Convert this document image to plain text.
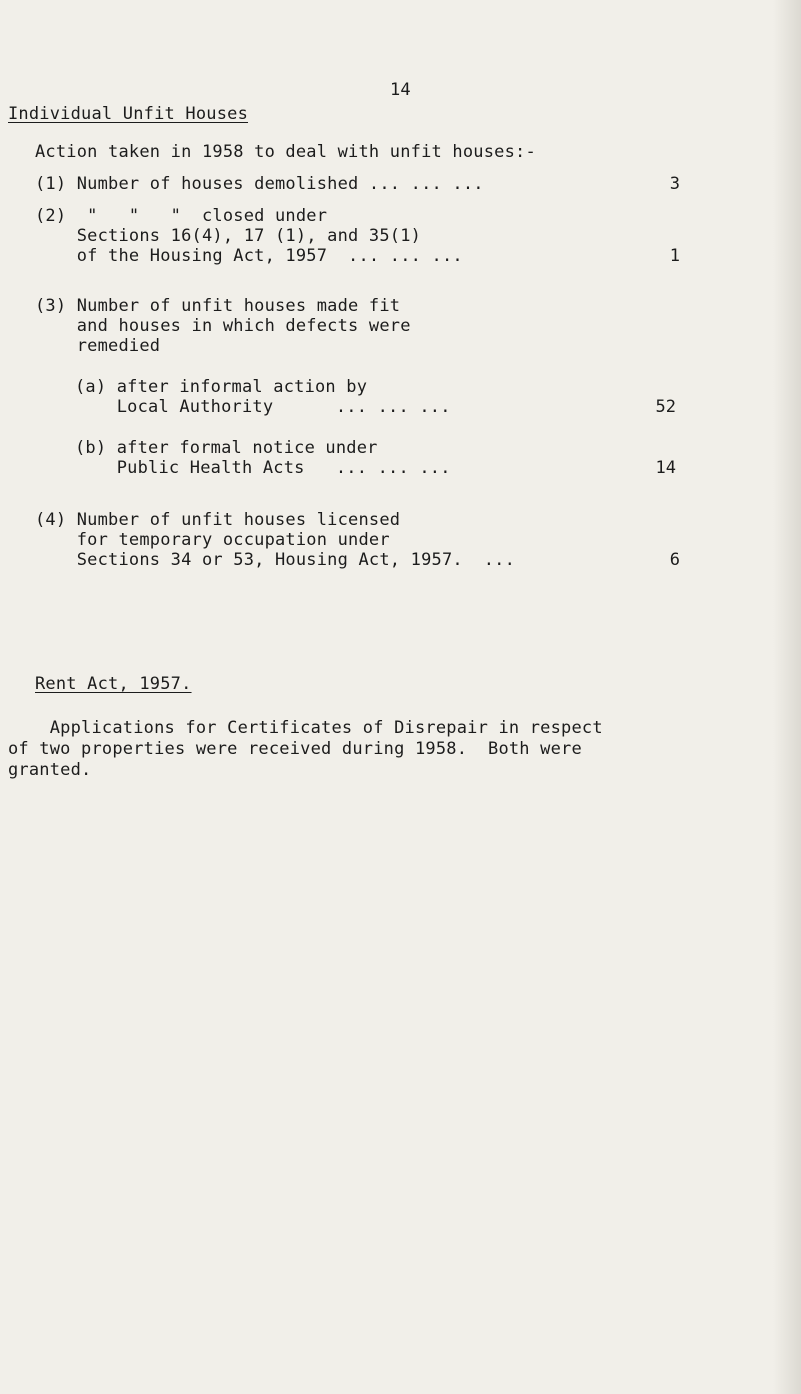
14
Individual Unfit Houses
Action taken in 1958 to deal with unfit houses:-
(1) Number of houses demolished ... ... ...	3
(2)  "   "   "  closed under
Sections 16(4), 17 (1), and 35(1)
of the Housing Act, 1957  ... ... ...	1
(3) Number of unfit houses made fit
and houses in which defects were
remedied
(a) after informal action by
Local Authority      ... ... ...	52
(b) after formal notice under
Public Health Acts   ... ... ...	14
(4) Number of unfit houses licensed
for temporary occupation under
Sections 34 or 53, Housing Act, 1957.  ...	6
Rent Act, 1957.
Applications for Certificates of Disrepair in respect
of two properties were received during 1958.  Both were
granted.
